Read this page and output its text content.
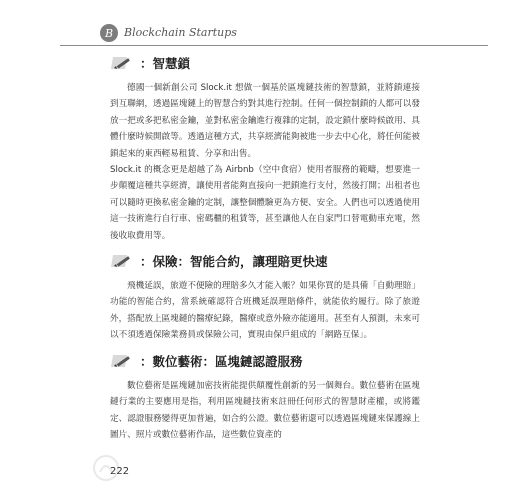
B Blockchain Startups
：智慧鎖

德國一個新創公司 Slock.it 想做一個基於區塊鏈技術的智慧鎖，並將鎖連接到互聯網，透過區塊鏈上的智慧合約對其進行控制。任何一個控制鎖的人都可以發放一把或多把私密金鑰，並對私密金鑰進行複雜的定制，設定鎖什麼時候啟用、具體什麼時候開啟等。透過這種方式，共享經濟能夠被進一步去中心化，將任何能被鎖起來的東西輕易租賃、分享和出售。

Slock.it 的概念更是超越了為 Airbnb（空中食宿）使用者服務的範疇，想要進一步顛覆這種共享經濟，讓使用者能夠直接向一把鎖進行支付，然後打開；出租者也可以隨時更換私密金鑰的定制，讓整個體驗更為方便、安全。人們也可以透過使用這一技術進行自行車、密碼櫃的租賃等，甚至讓他人在自家門口替電動車充電，然後收取費用等。

：保險：智能合約，讓理賠更快速

飛機延誤，旅遊不便險的理賠多久才能入帳？如果你買的是具備「自動理賠」功能的智能合約，當系統確認符合班機延誤理賠條件，就能依約履行。除了旅遊外，搭配放上區塊鏈的醫療紀錄，醫療或意外險亦能適用。甚至有人預測，未來可以不須透過保險業務員或保險公司，實現由保戶組成的「網路互保」。

：數位藝術：區塊鏈認證服務

數位藝術是區塊鏈加密技術能提供顛覆性創新的另一個舞台。數位藝術在區塊鏈行業的主要應用是指，利用區塊鏈技術來註冊任何形式的智慧財產權，或將鑑定、認證服務變得更加普遍，如合約公證。數位藝術還可以透過區塊鏈來保護線上圖片、照片或數位藝術作品，這些數位資產的

222
